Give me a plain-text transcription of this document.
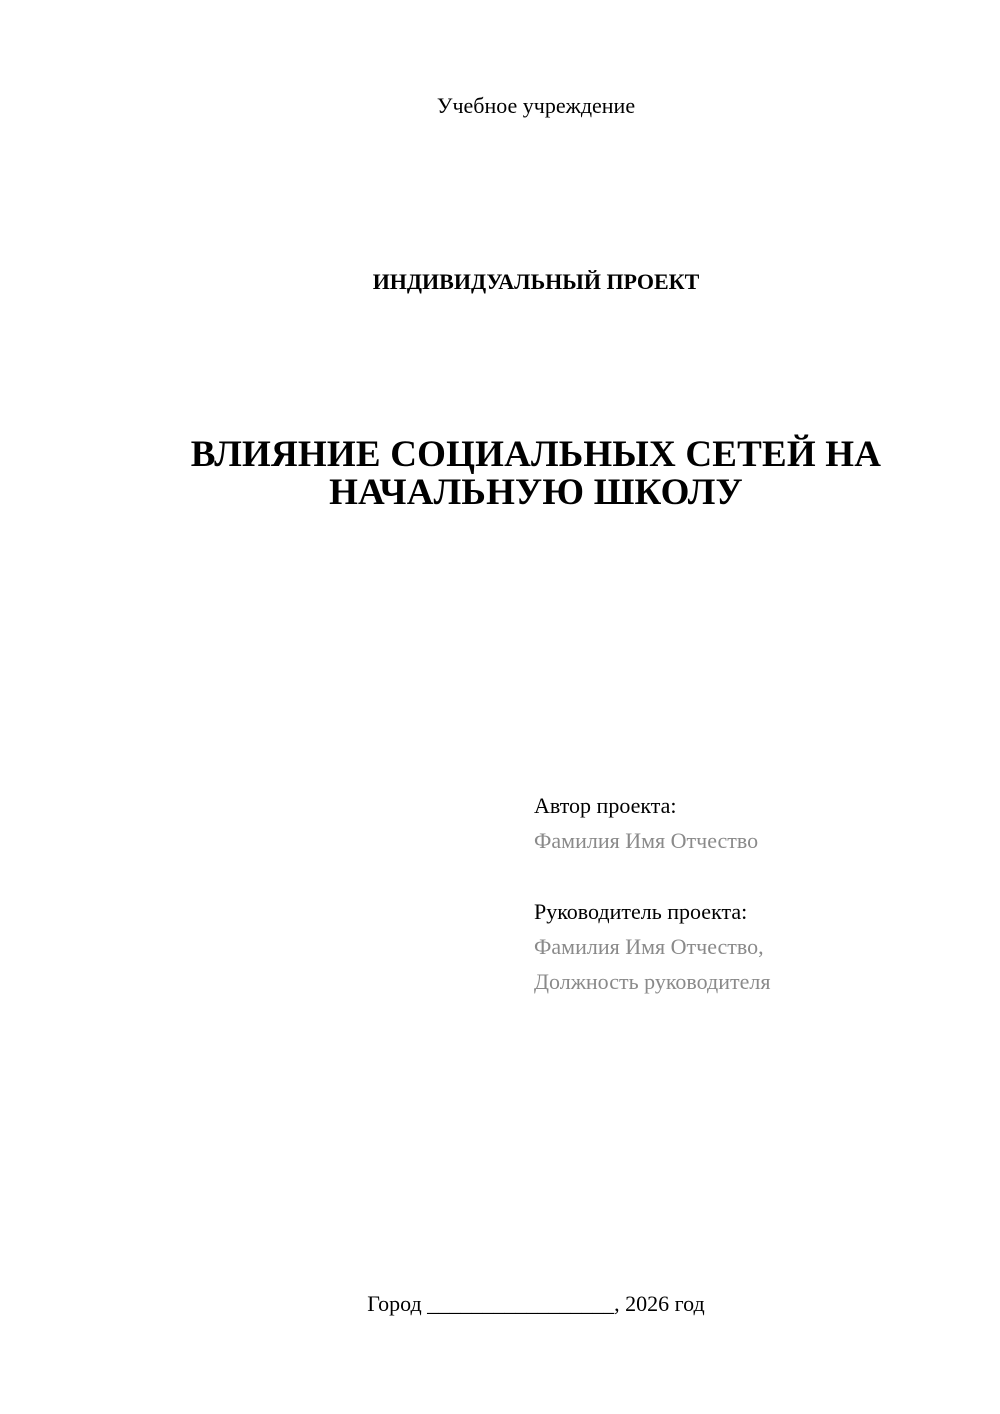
Учебное учреждение
ИНДИВИДУАЛЬНЫЙ ПРОЕКТ
ВЛИЯНИЕ СОЦИАЛЬНЫХ СЕТЕЙ НА
НАЧАЛЬНУЮ ШКОЛУ
Автор проекта:
Фамилия Имя Отчество
Руководитель проекта:
Фамилия Имя Отчество,
Должность руководителя
Город _________________, 2026 год
